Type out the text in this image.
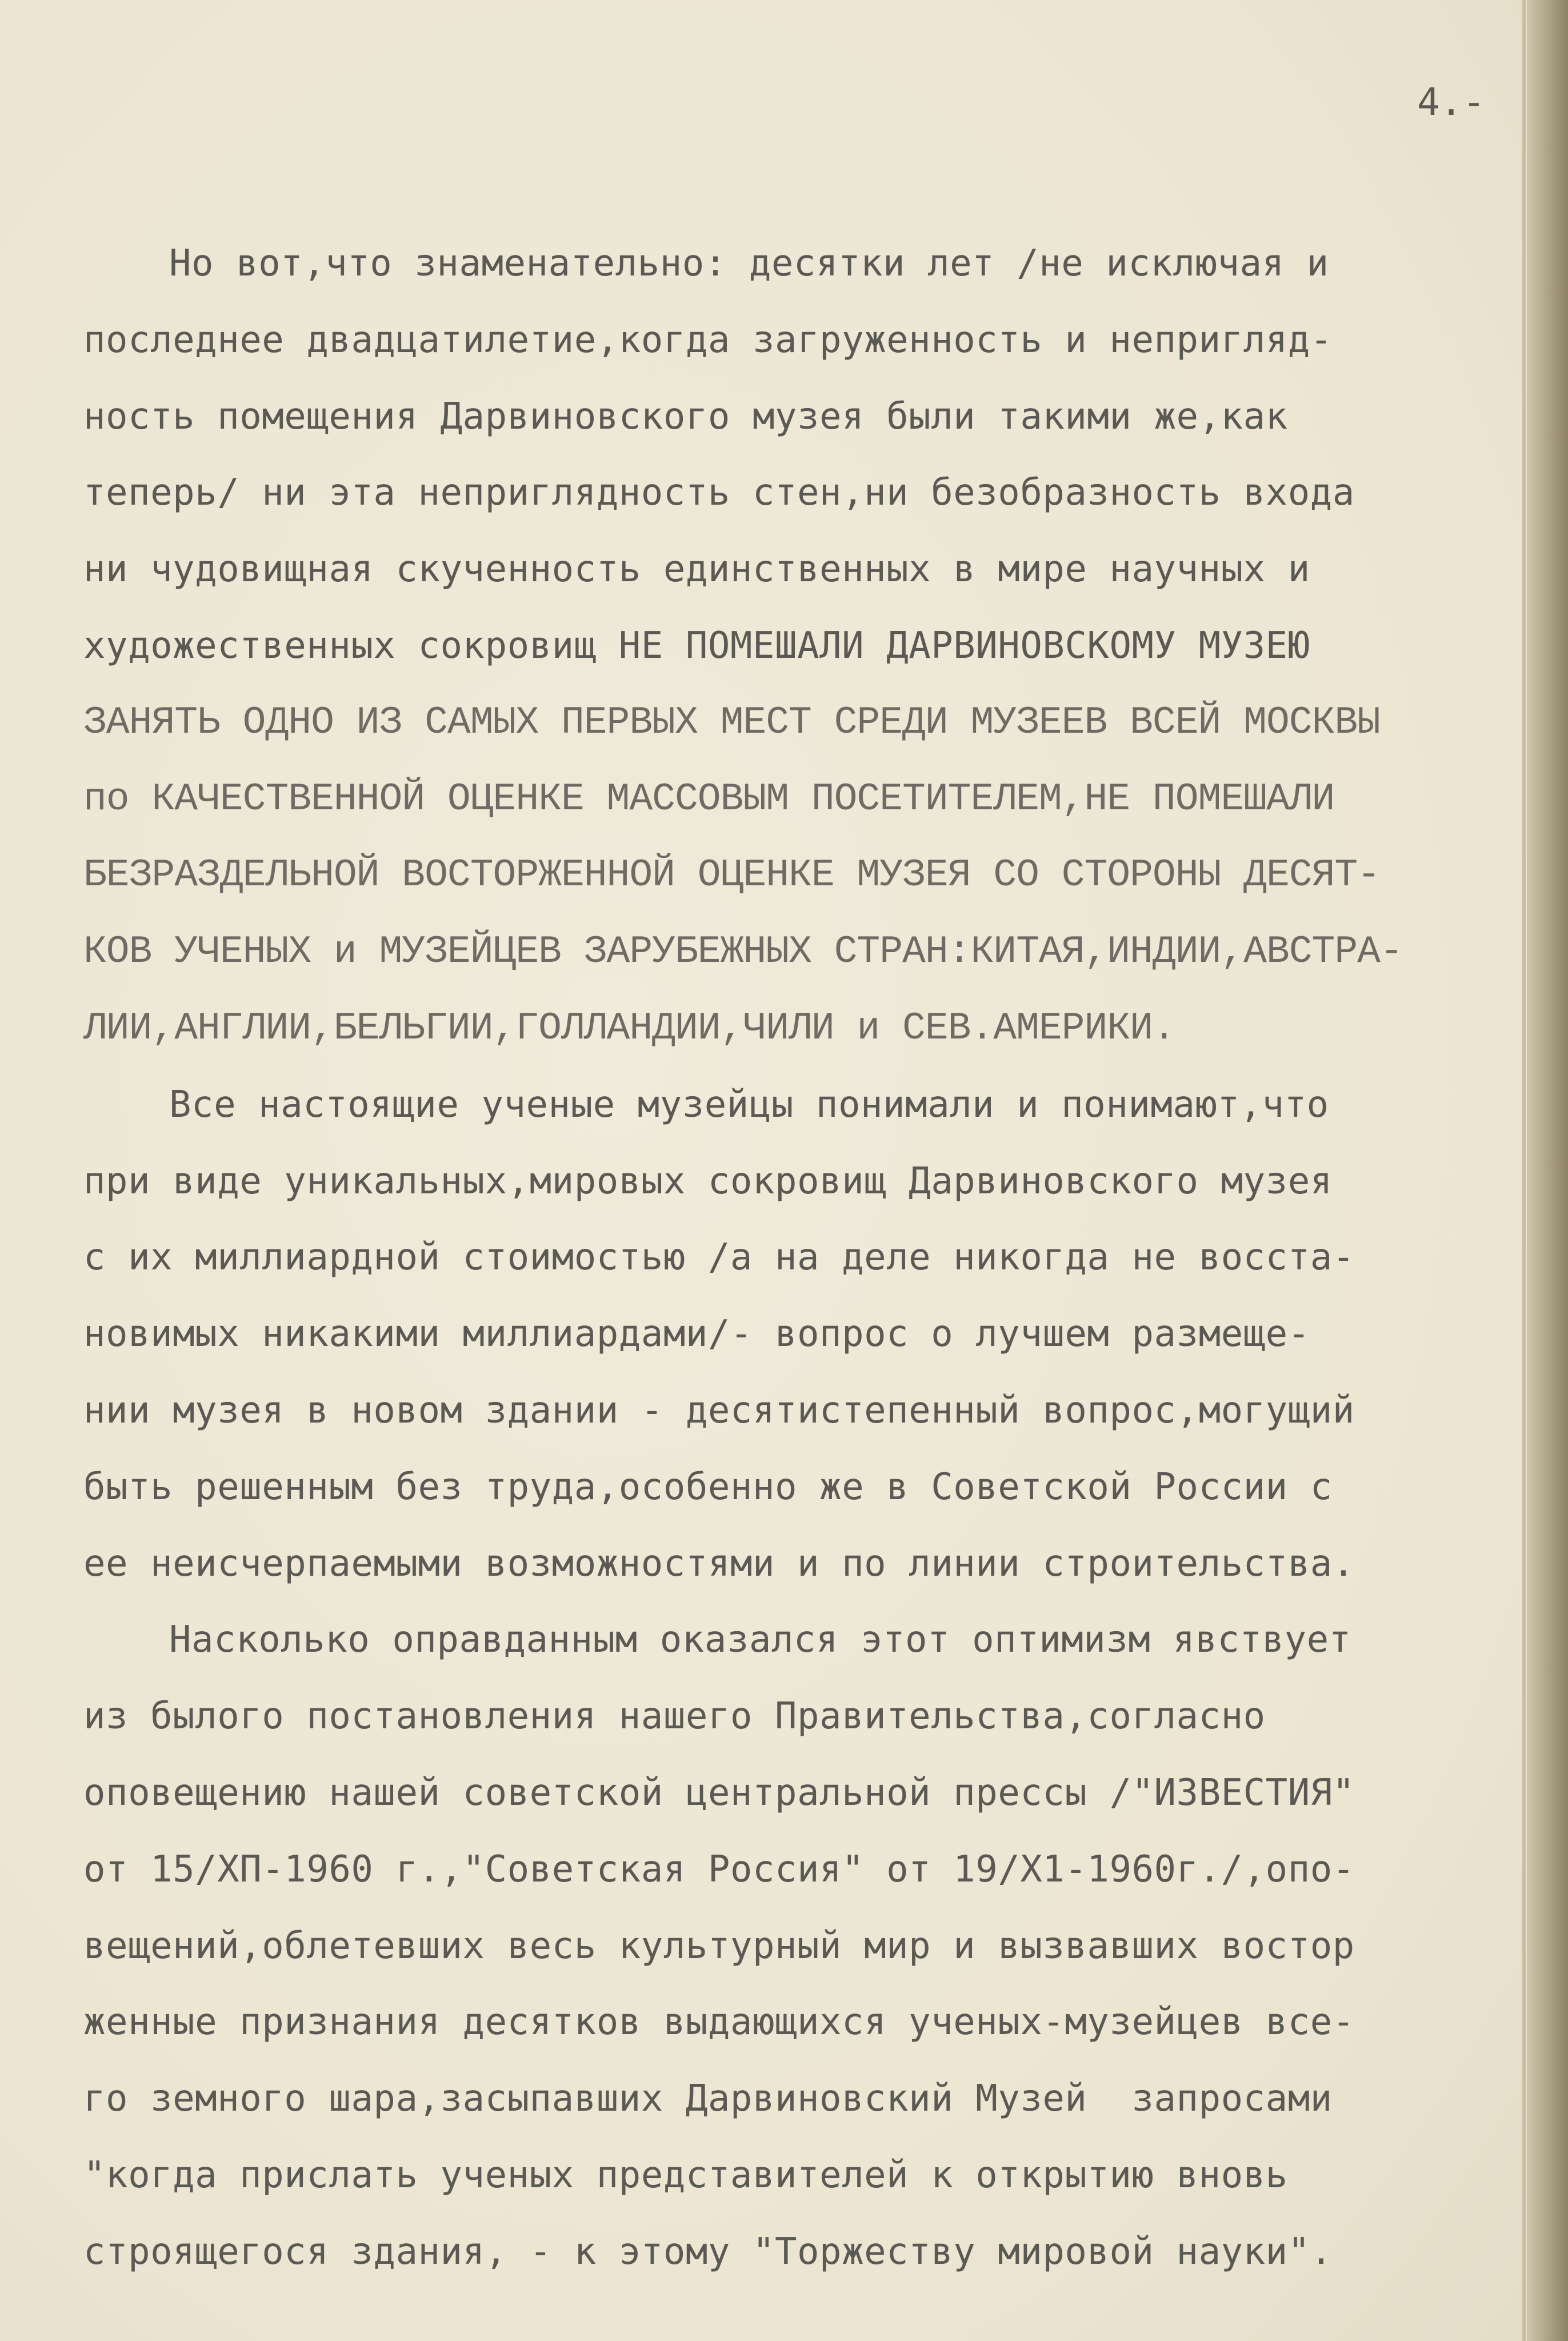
4.-
Но вот,что знаменательно: десятки лет /не исключая и
последнее двадцатилетие,когда загруженность и непригляд-
ность помещения Дарвиновского музея были такими же,как
теперь/ ни эта неприглядность стен,ни безобразность входа
ни чудовищная скученность единственных в мире научных и
художественных сокровищ НЕ ПОМЕШАЛИ ДАРВИНОВСКОМУ МУЗЕЮ
ЗАНЯТЬ ОДНО ИЗ САМЫХ ПЕРВЫХ МЕСТ СРЕДИ МУЗЕЕВ ВСЕЙ МОСКВЫ
по КАЧЕСТВЕННОЙ ОЦЕНКЕ МАССОВЫМ ПОСЕТИТЕЛЕМ,НЕ ПОМЕШАЛИ
БЕЗРАЗДЕЛЬНОЙ ВОСТОРЖЕННОЙ ОЦЕНКЕ МУЗЕЯ СО СТОРОНЫ ДЕСЯТ-
КОВ УЧЕНЫХ и МУЗЕЙЦЕВ ЗАРУБЕЖНЫХ СТРАН:КИТАЯ,ИНДИИ,АВСТРА-
ЛИИ,АНГЛИИ,БЕЛЬГИИ,ГОЛЛАНДИИ,ЧИЛИ и СЕВ.АМЕРИКИ.
Все настоящие ученые музейцы понимали и понимают,что
при виде уникальных,мировых сокровищ Дарвиновского музея
с их миллиардной стоимостью /а на деле никогда не восста-
новимых никакими миллиардами/- вопрос о лучшем размеще-
нии музея в новом здании - десятистепенный вопрос,могущий
быть решенным без труда,особенно же в Советской России с
ее неисчерпаемыми возможностями и по линии строительства.
Насколько оправданным оказался этот оптимизм явствует
из былого постановления нашего Правительства,согласно
оповещению нашей советской центральной прессы /"ИЗВЕСТИЯ"
от 15/ХП-1960 г.,"Советская Россия" от 19/Х1-1960г./,опо-
вещений,облетевших весь культурный мир и вызвавших востор
женные признания десятков выдающихся ученых-музейцев все-
го земного шара,засыпавших Дарвиновский Музей  запросами
"когда прислать ученых представителей к открытию вновь
строящегося здания, - к этому "Торжеству мировой науки".
